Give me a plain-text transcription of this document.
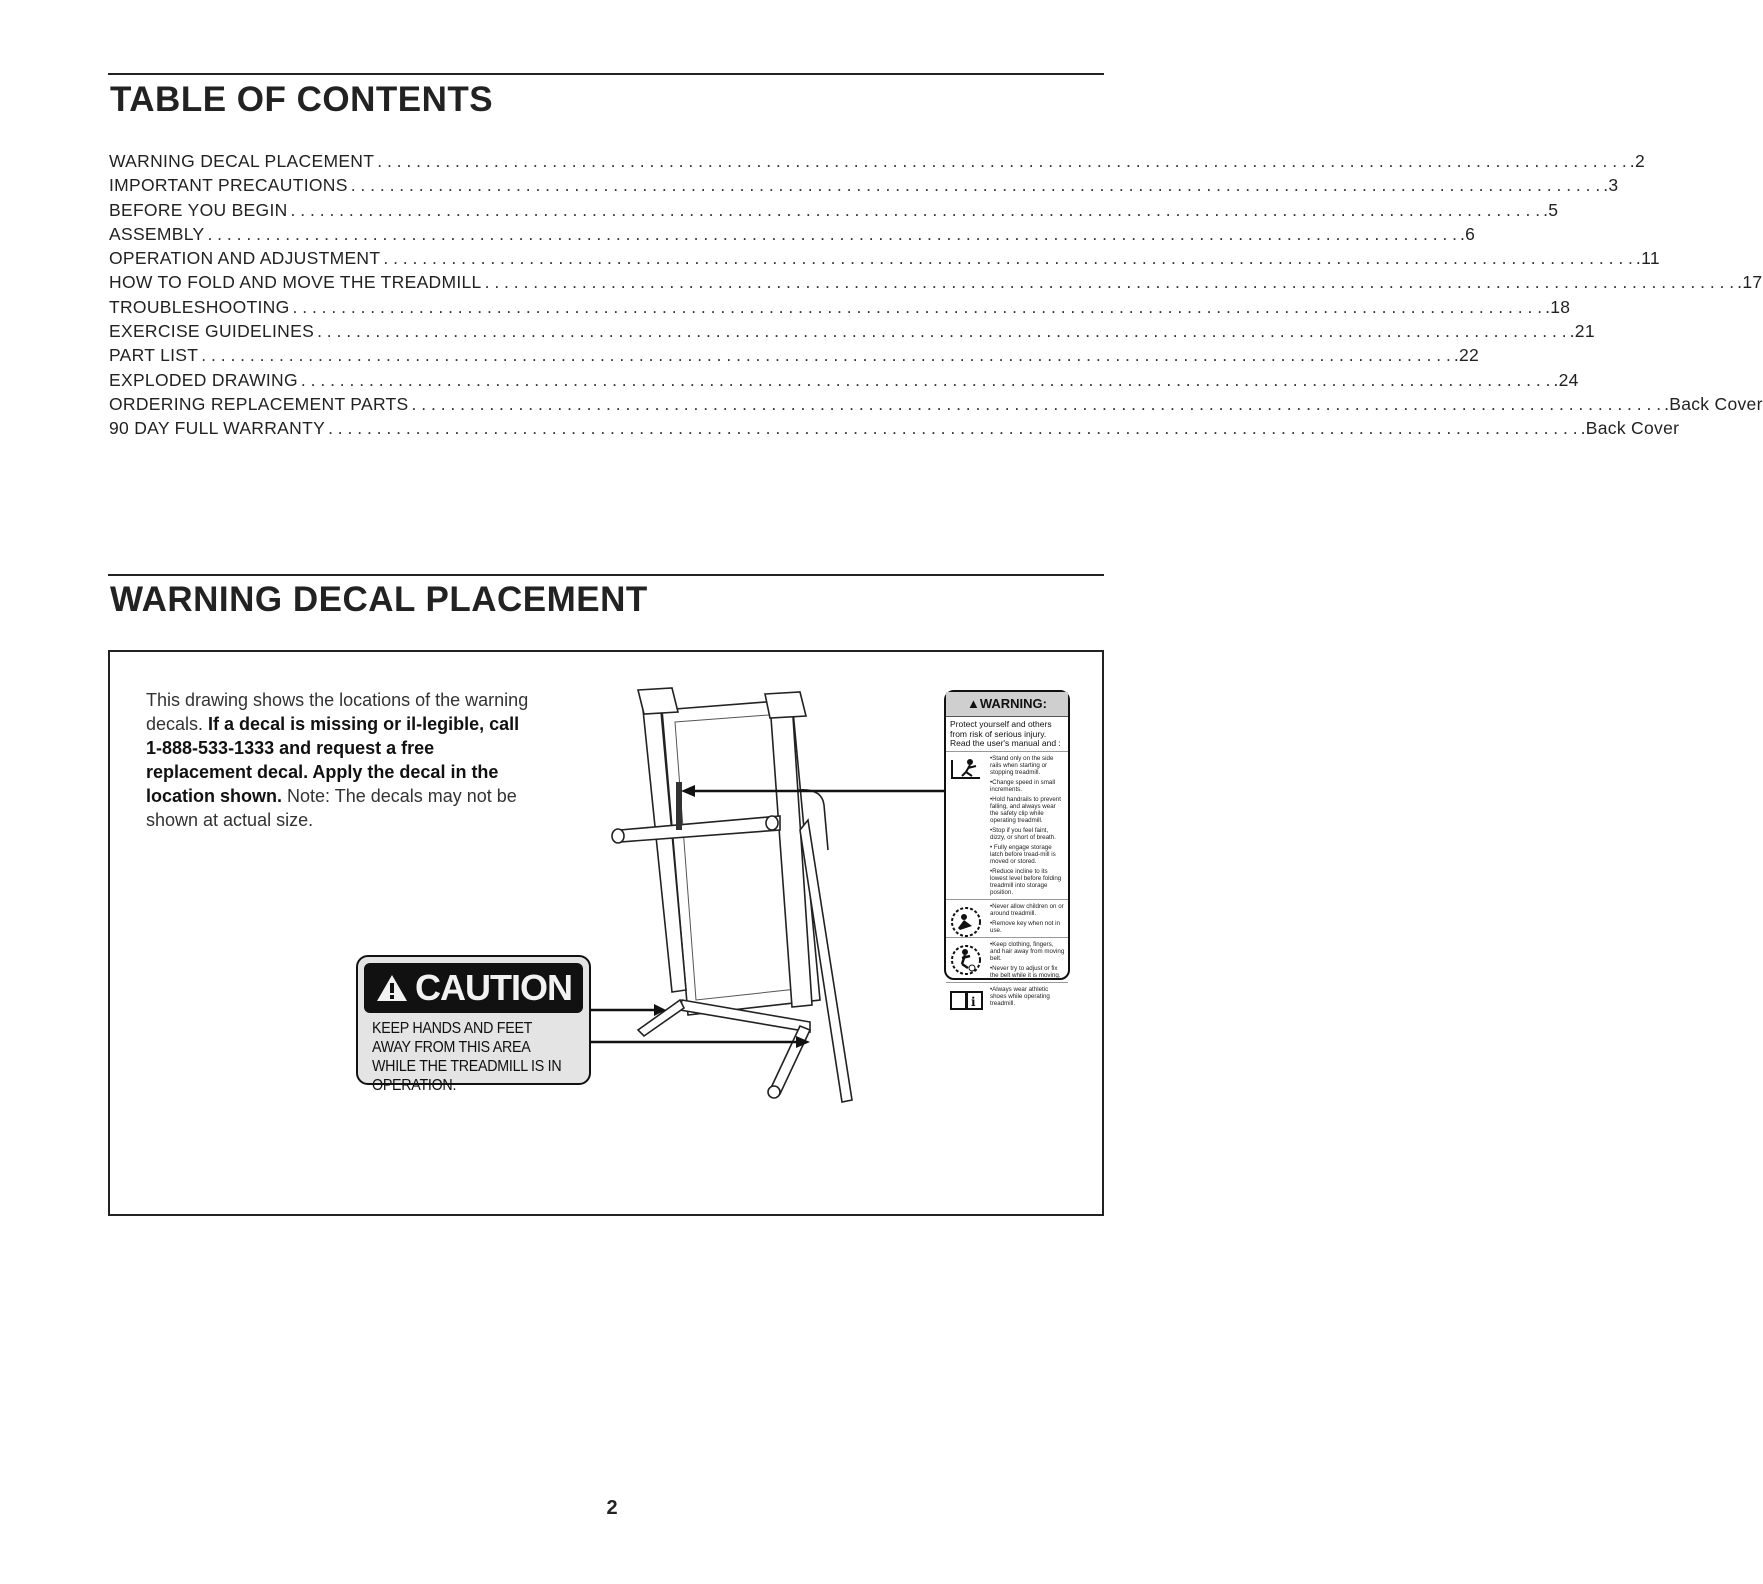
TABLE OF CONTENTS
WARNING DECAL PLACEMENT . . .	.2
IMPORTANT PRECAUTIONS . . .	.3
BEFORE YOU BEGIN . . .	.5
ASSEMBLY . . .	.6
OPERATION AND ADJUSTMENT . . .	.11
HOW TO FOLD AND MOVE THE TREADMILL . . .	.17
TROUBLESHOOTING . . .	.18
EXERCISE GUIDELINES . . .	.21
PART LIST . . .	.22
EXPLODED DRAWING . . .	.24
ORDERING REPLACEMENT PARTS . . .	.Back Cover
90 DAY FULL WARRANTY . . .	.Back Cover
WARNING DECAL PLACEMENT

This drawing shows the locations of the warning decals. If a decal is missing or il-legible, call 1-888-533-1333 and request a free replacement decal. Apply the decal in the location shown. Note: The decals may not be shown at actual size.

CAUTION
KEEP HANDS AND FEET AWAY FROM THIS AREA WHILE THE TREADMILL IS IN OPERATION.
▲WARNING:
Protect yourself and others from risk of serious injury. Read the user's manual and :
•Stand only on the side rails when starting or stopping treadmill.
•Change speed in small increments.
•Hold handrails to prevent falling, and always wear the safety clip while operating treadmill.
•Stop if you feel faint, dizzy, or short of breath.
• Fully engage storage latch before tread-mill is moved or stored.
•Reduce incline to its lowest level before folding treadmill into storage position.
•Never allow children on or around treadmill.
•Remove key when not in use.
•Keep clothing, fingers, and hair away from moving belt.
•Never try to adjust or fix the belt while it is moving.
i
•Always wear athletic shoes while operating treadmill.
2
